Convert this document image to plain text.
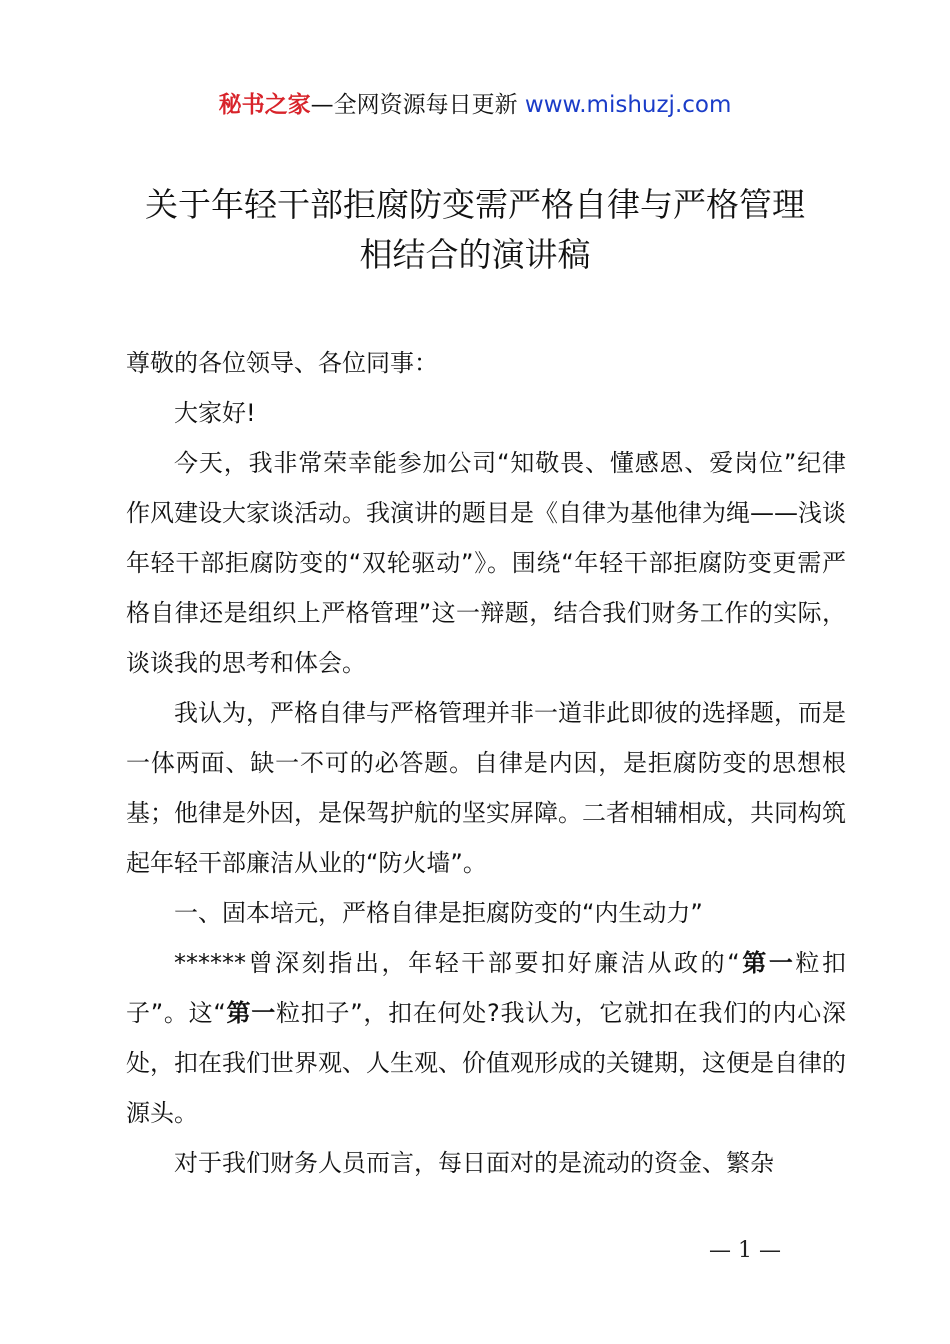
秘书之家—全网资源每日更新 www.mishuzj.com
关于年轻干部拒腐防变需严格自律与严格管理
相结合的演讲稿

尊敬的各位领导、各位同事：

大家好!

今天，我非常荣幸能参加公司“知敬畏、懂感恩、爱岗位”纪律作风建设大家谈活动。我演讲的题目是《自律为基他律为绳——浅谈年轻干部拒腐防变的“双轮驱动”》。围绕“年轻干部拒腐防变更需严格自律还是组织上严格管理”这一辩题，结合我们财务工作的实际，谈谈我的思考和体会。

我认为，严格自律与严格管理并非一道非此即彼的选择题，而是一体两面、缺一不可的必答题。自律是内因，是拒腐防变的思想根基；他律是外因，是保驾护航的坚实屏障。二者相辅相成，共同构筑起年轻干部廉洁从业的“防火墙”。

一、固本培元，严格自律是拒腐防变的“内生动力”

******曾深刻指出，年轻干部要扣好廉洁从政的“第一粒扣子”。这“第一粒扣子”，扣在何处?我认为，它就扣在我们的内心深处，扣在我们世界观、人生观、价值观形成的关键期，这便是自律的源头。

对于我们财务人员而言，每日面对的是流动的资金、繁杂

— 1 —
